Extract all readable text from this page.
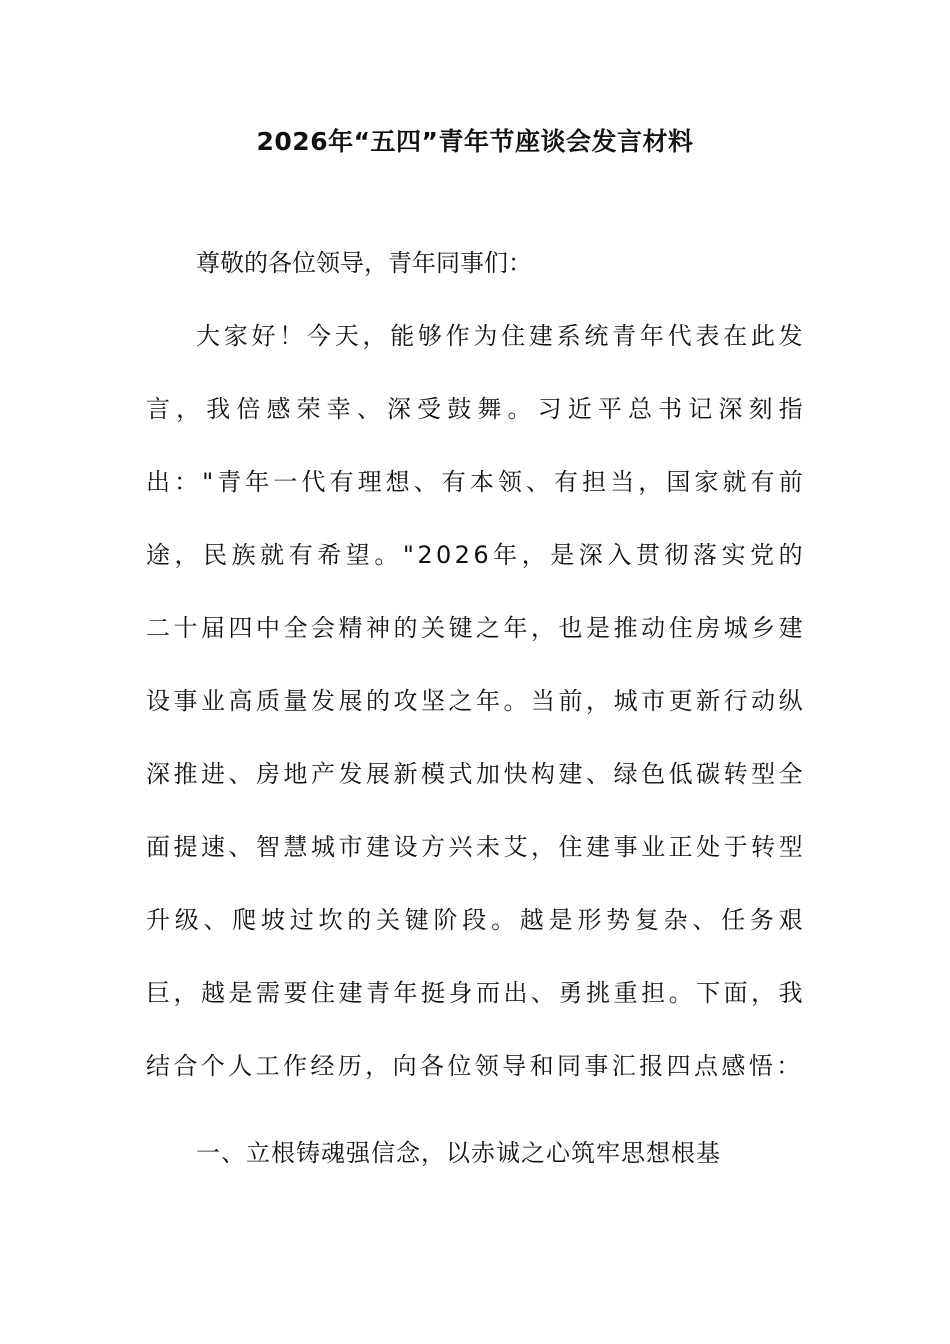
2026年“五四”青年节座谈会发言材料

尊敬的各位领导，青年同事们：

大家好！今天，能够作为住建系统青年代表在此发言，我倍感荣幸、深受鼓舞。习近平总书记深刻指出："青年一代有理想、有本领、有担当，国家就有前途，民族就有希望。"2026年，是深入贯彻落实党的二十届四中全会精神的关键之年，也是推动住房城乡建设事业高质量发展的攻坚之年。当前，城市更新行动纵深推进、房地产发展新模式加快构建、绿色低碳转型全面提速、智慧城市建设方兴未艾，住建事业正处于转型升级、爬坡过坎的关键阶段。越是形势复杂、任务艰巨，越是需要住建青年挺身而出、勇挑重担。下面，我结合个人工作经历，向各位领导和同事汇报四点感悟：

一、立根铸魂强信念，以赤诚之心筑牢思想根基
